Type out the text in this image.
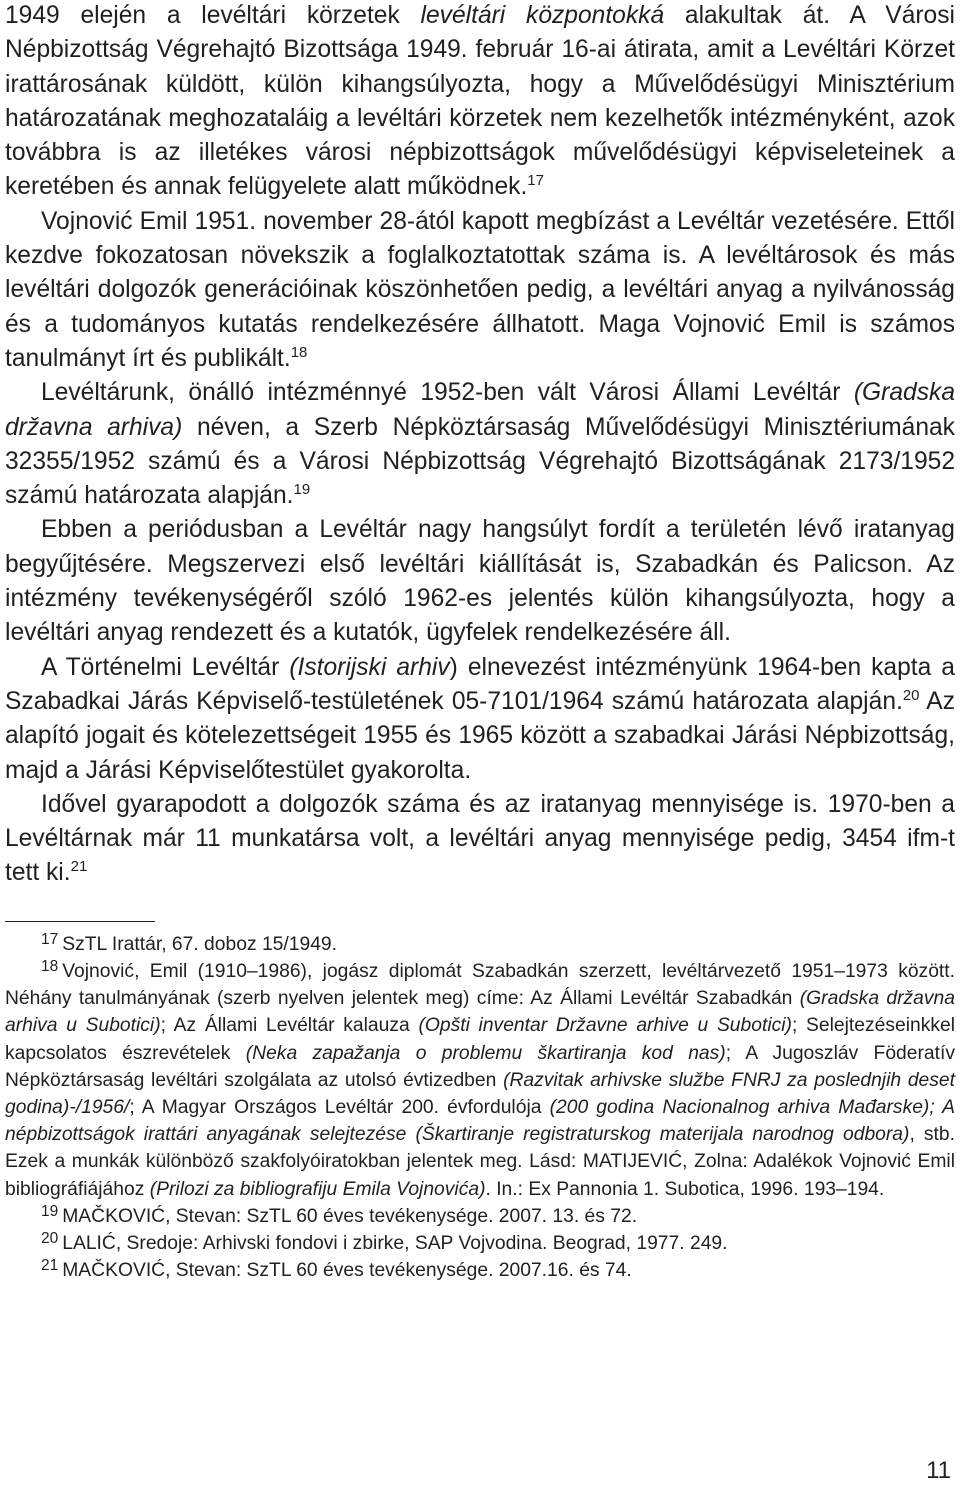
1949 elején a levéltári körzetek levéltári központokká alakultak át. A Városi Népbizottság Végrehajtó Bizottsága 1949. február 16-ai átirata, amit a Levéltári Körzet irattárosának küldött, külön kihangsúlyozta, hogy a Művelődésügyi Minisztérium határozatának meghozataláig a levéltári körzetek nem kezelhetők intézményként, azok továbbra is az illetékes városi népbizottságok művelődésügyi képviseleteinek a keretében és annak felügyelete alatt működnek.$^{17}$

Vojnović Emil 1951. november 28-ától kapott megbízást a Levéltár vezetésére. Ettől kezdve fokozatosan növekszik a foglalkoztatottak száma is. A levéltárosok és más levéltári dolgozók generációinak köszönhetően pedig, a levéltári anyag a nyilvánosság és a tudományos kutatás rendelkezésére állhatott. Maga Vojnović Emil is számos tanulmányt írt és publikált.$^{18}$

Levéltárunk, önálló intézménnyé 1952-ben vált Városi Állami Levéltár (Gradska državna arhiva) néven, a Szerb Népköztársaság Művelődésügyi Minisztériumának 32355/1952 számú és a Városi Népbizottság Végrehajtó Bizottságának 2173/1952 számú határozata alapján.$^{19}$

Ebben a periódusban a Levéltár nagy hangsúlyt fordít a területén lévő iratanyag begyűjtésére. Megszervezi első levéltári kiállítását is, Szabadkán és Palicson. Az intézmény tevékenységéről szóló 1962-es jelentés külön kihangsúlyozta, hogy a levéltári anyag rendezett és a kutatók, ügyfelek rendelkezésére áll.

A Történelmi Levéltár (Istorijski arhiv) elnevezést intézményünk 1964-ben kapta a Szabadkai Járás Képviselő-testületének 05-7101/1964 számú határozata alapján.$^{20}$ Az alapító jogait és kötelezettségeit 1955 és 1965 között a szabadkai Járási Népbizottság, majd a Járási Képviselőtestület gyakorolta.

Idővel gyarapodott a dolgozók száma és az iratanyag mennyisége is. 1970-ben a Levéltárnak már 11 munkatársa volt, a levéltári anyag mennyisége pedig, 3454 ifm-t tett ki.$^{21}$

$^{17}$ SzTL Irattár, 67. doboz 15/1949.

$^{18}$ Vojnović, Emil (1910–1986), jogász diplomát Szabadkán szerzett, levéltárvezető 1951–1973 között. Néhány tanulmányának (szerb nyelven jelentek meg) címe: Az Állami Levéltár Szabadkán (Gradska državna arhiva u Subotici); Az Állami Levéltár kalauza (Opšti inventar Državne arhive u Subotici); Selejtezéseinkkel kapcsolatos észrevételek (Neka zapažanja o problemu škartiranja kod nas); A Jugoszláv Föderatív Népköztársaság levéltári szolgálata az utolsó évtizedben (Razvitak arhivske službe FNRJ za poslednjih deset godina)-/1956/; A Magyar Országos Levéltár 200. évfordulója (200 godina Nacionalnog arhiva Mađarske); A népbizottságok irattári anyagának selejtezése (Škartiranje registraturskog materijala narodnog odbora), stb. Ezek a munkák különböző szakfolyóiratokban jelentek meg. Lásd: MATIJEVIĆ, Zolna: Adalékok Vojnović Emil bibliográfiájához (Prilozi za bibliografiju Emila Vojnovića). In.: Ex Pannonia 1. Subotica, 1996. 193–194.

$^{19}$ MAČKOVIĆ, Stevan: SzTL 60 éves tevékenysége. 2007. 13. és 72.

$^{20}$ LALIĆ, Sredoje: Arhivski fondovi i zbirke, SAP Vojvodina. Beograd, 1977. 249.

$^{21}$ MAČKOVIĆ, Stevan: SzTL 60 éves tevékenysége. 2007.16. és 74.

11
